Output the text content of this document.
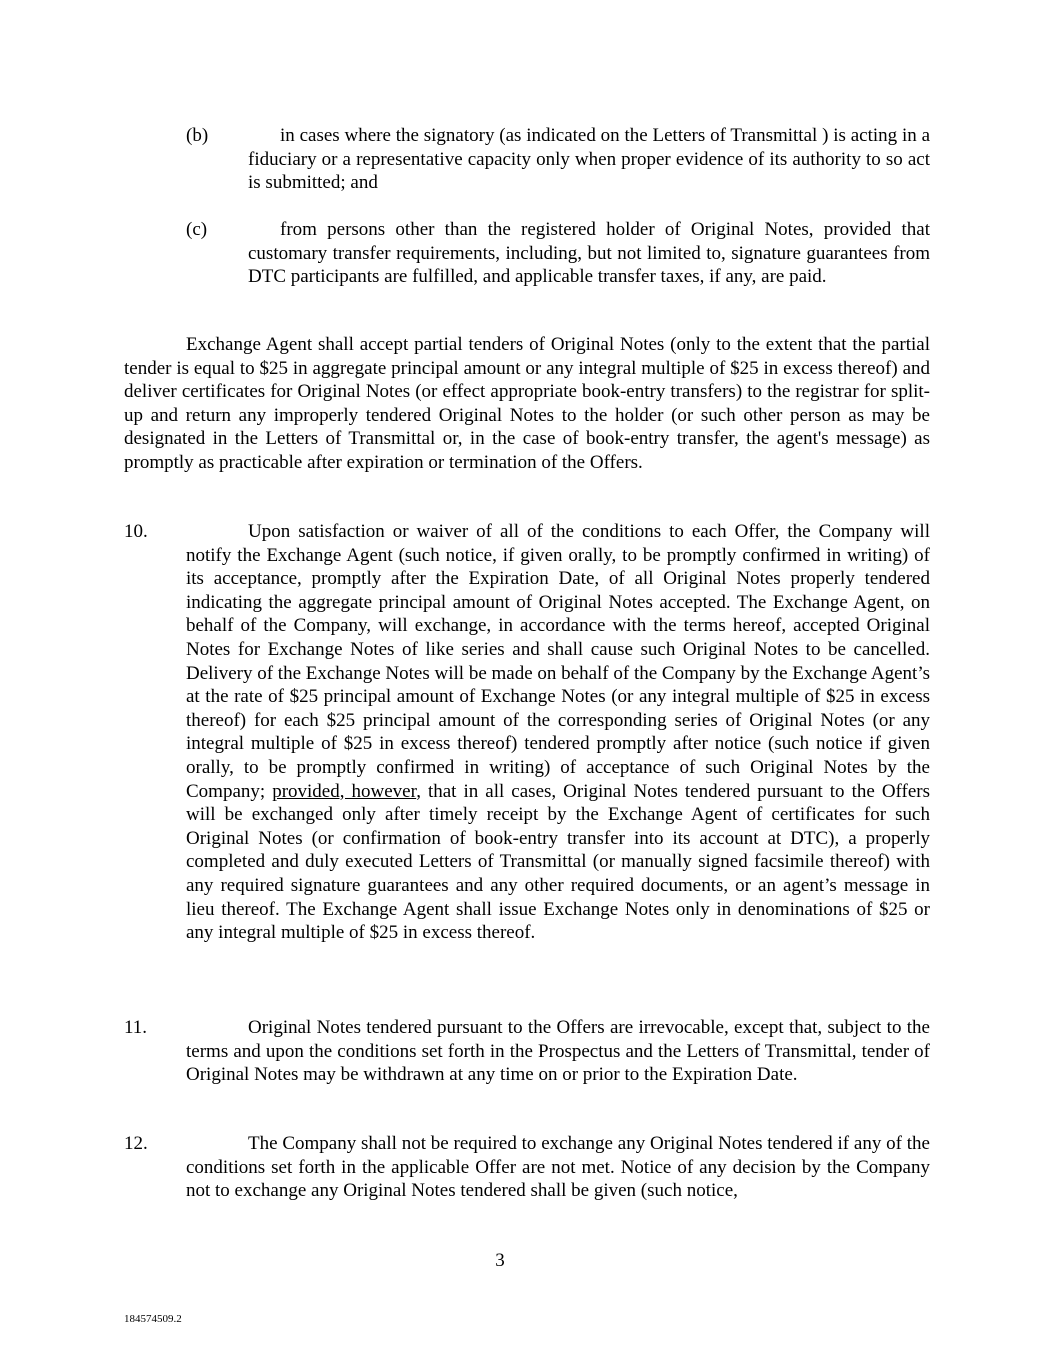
(b)	in cases where the signatory (as indicated on the Letters of Transmittal ) is acting in a fiduciary or a representative capacity only when proper evidence of its authority to so act is submitted; and
(c)	from persons other than the registered holder of Original Notes, provided that customary transfer requirements, including, but not limited to, signature guarantees from DTC participants are fulfilled, and applicable transfer taxes, if any, are paid.
Exchange Agent shall accept partial tenders of Original Notes (only to the extent that the partial tender is equal to $25 in aggregate principal amount or any integral multiple of $25 in excess thereof) and deliver certificates for Original Notes (or effect appropriate book-entry transfers) to the registrar for split-up and return any improperly tendered Original Notes to the holder (or such other person as may be designated in the Letters of Transmittal or, in the case of book-entry transfer, the agent's message) as promptly as practicable after expiration or termination of the Offers.
10.	Upon satisfaction or waiver of all of the conditions to each Offer, the Company will notify the Exchange Agent (such notice, if given orally, to be promptly confirmed in writing) of its acceptance, promptly after the Expiration Date, of all Original Notes properly tendered indicating the aggregate principal amount of Original Notes accepted. The Exchange Agent, on behalf of the Company, will exchange, in accordance with the terms hereof, accepted Original Notes for Exchange Notes of like series and shall cause such Original Notes to be cancelled. Delivery of the Exchange Notes will be made on behalf of the Company by the Exchange Agent’s at the rate of $25 principal amount of Exchange Notes (or any integral multiple of $25 in excess thereof) for each $25 principal amount of the corresponding series of Original Notes (or any integral multiple of $25 in excess thereof) tendered promptly after notice (such notice if given orally, to be promptly confirmed in writing) of acceptance of such Original Notes by the Company; provided, however, that in all cases, Original Notes tendered pursuant to the Offers will be exchanged only after timely receipt by the Exchange Agent of certificates for such Original Notes (or confirmation of book-entry transfer into its account at DTC), a properly completed and duly executed Letters of Transmittal (or manually signed facsimile thereof) with any required signature guarantees and any other required documents, or an agent’s message in lieu thereof. The Exchange Agent shall issue Exchange Notes only in denominations of $25 or any integral multiple of $25 in excess thereof.
11.	Original Notes tendered pursuant to the Offers are irrevocable, except that, subject to the terms and upon the conditions set forth in the Prospectus and the Letters of Transmittal, tender of Original Notes may be withdrawn at any time on or prior to the Expiration Date.
12.	The Company shall not be required to exchange any Original Notes tendered if any of the conditions set forth in the applicable Offer are not met. Notice of any decision by the Company not to exchange any Original Notes tendered shall be given (such notice,
3
184574509.2
